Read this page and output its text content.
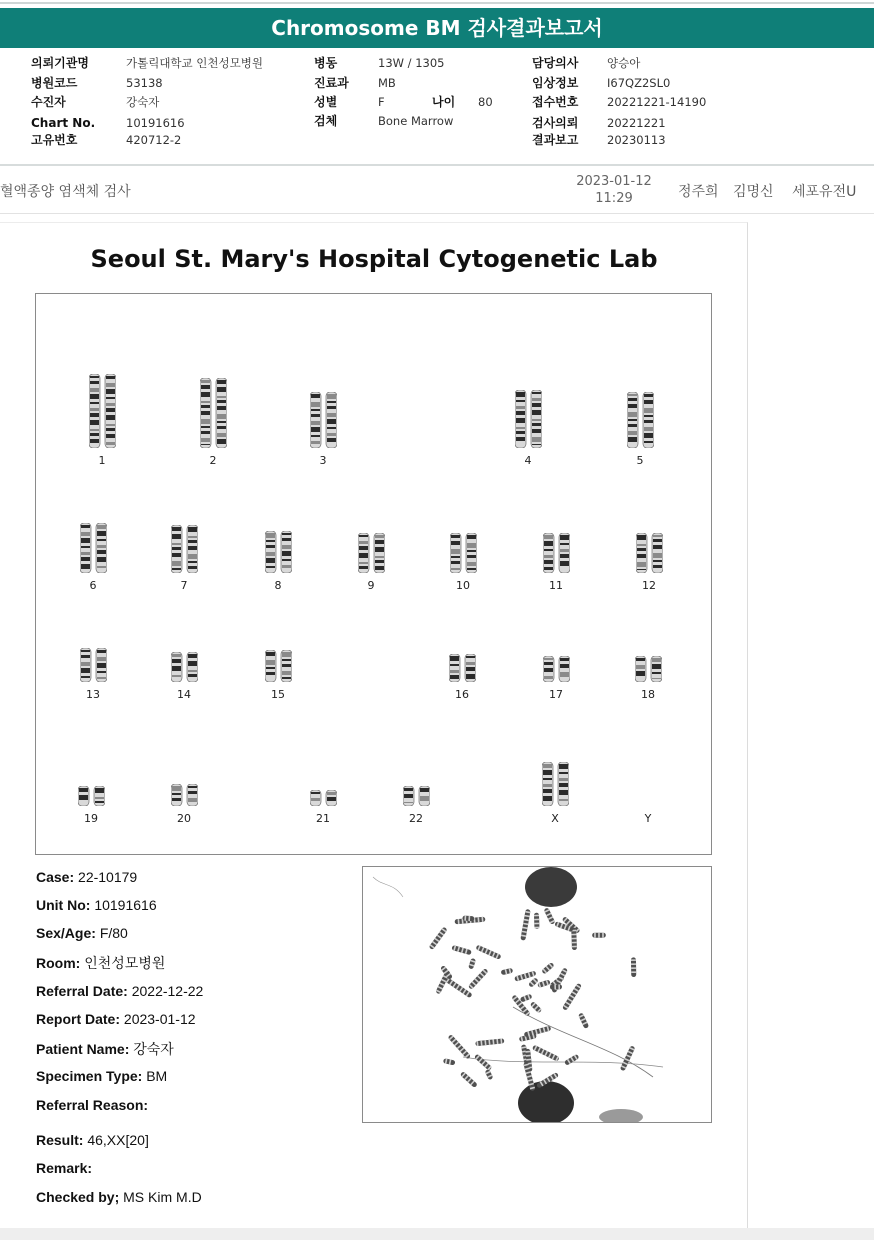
Chromosome BM 검사결과보고서
의뢰기관명	가톨릭대학교 인천성모병원
병원코드	53138
수진자	강숙자
Chart No.	10191616
고유번호	420712-2
병동	13W / 1305
진료과	MB
성별	F	나이 80
검체	Bone Marrow
담당의사 양승아
임상정보 I67QZ2SL0
접수번호 20221221-14190
검사의뢰 20221221
결과보고 20230113
혈액종양 염색체 검사
2023-01-12
11:29	정주희 김명신 세포유전U
Seoul St. Mary's Hospital Cytogenetic Lab
1	2	3	4	5
6	7	8	9	10	11	12
13	14	15	16	17	18
19	20	21	22	X	Y
Case: 22-10179
Unit No: 10191616
Sex/Age: F/80
Room: 인천성모병원
Referral Date: 2022-12-22
Report Date: 2023-01-12
Patient Name: 강숙자
Specimen Type: BM
Referral Reason:
Result: 46,XX[20]
Remark:
Checked by; MS Kim M.D
